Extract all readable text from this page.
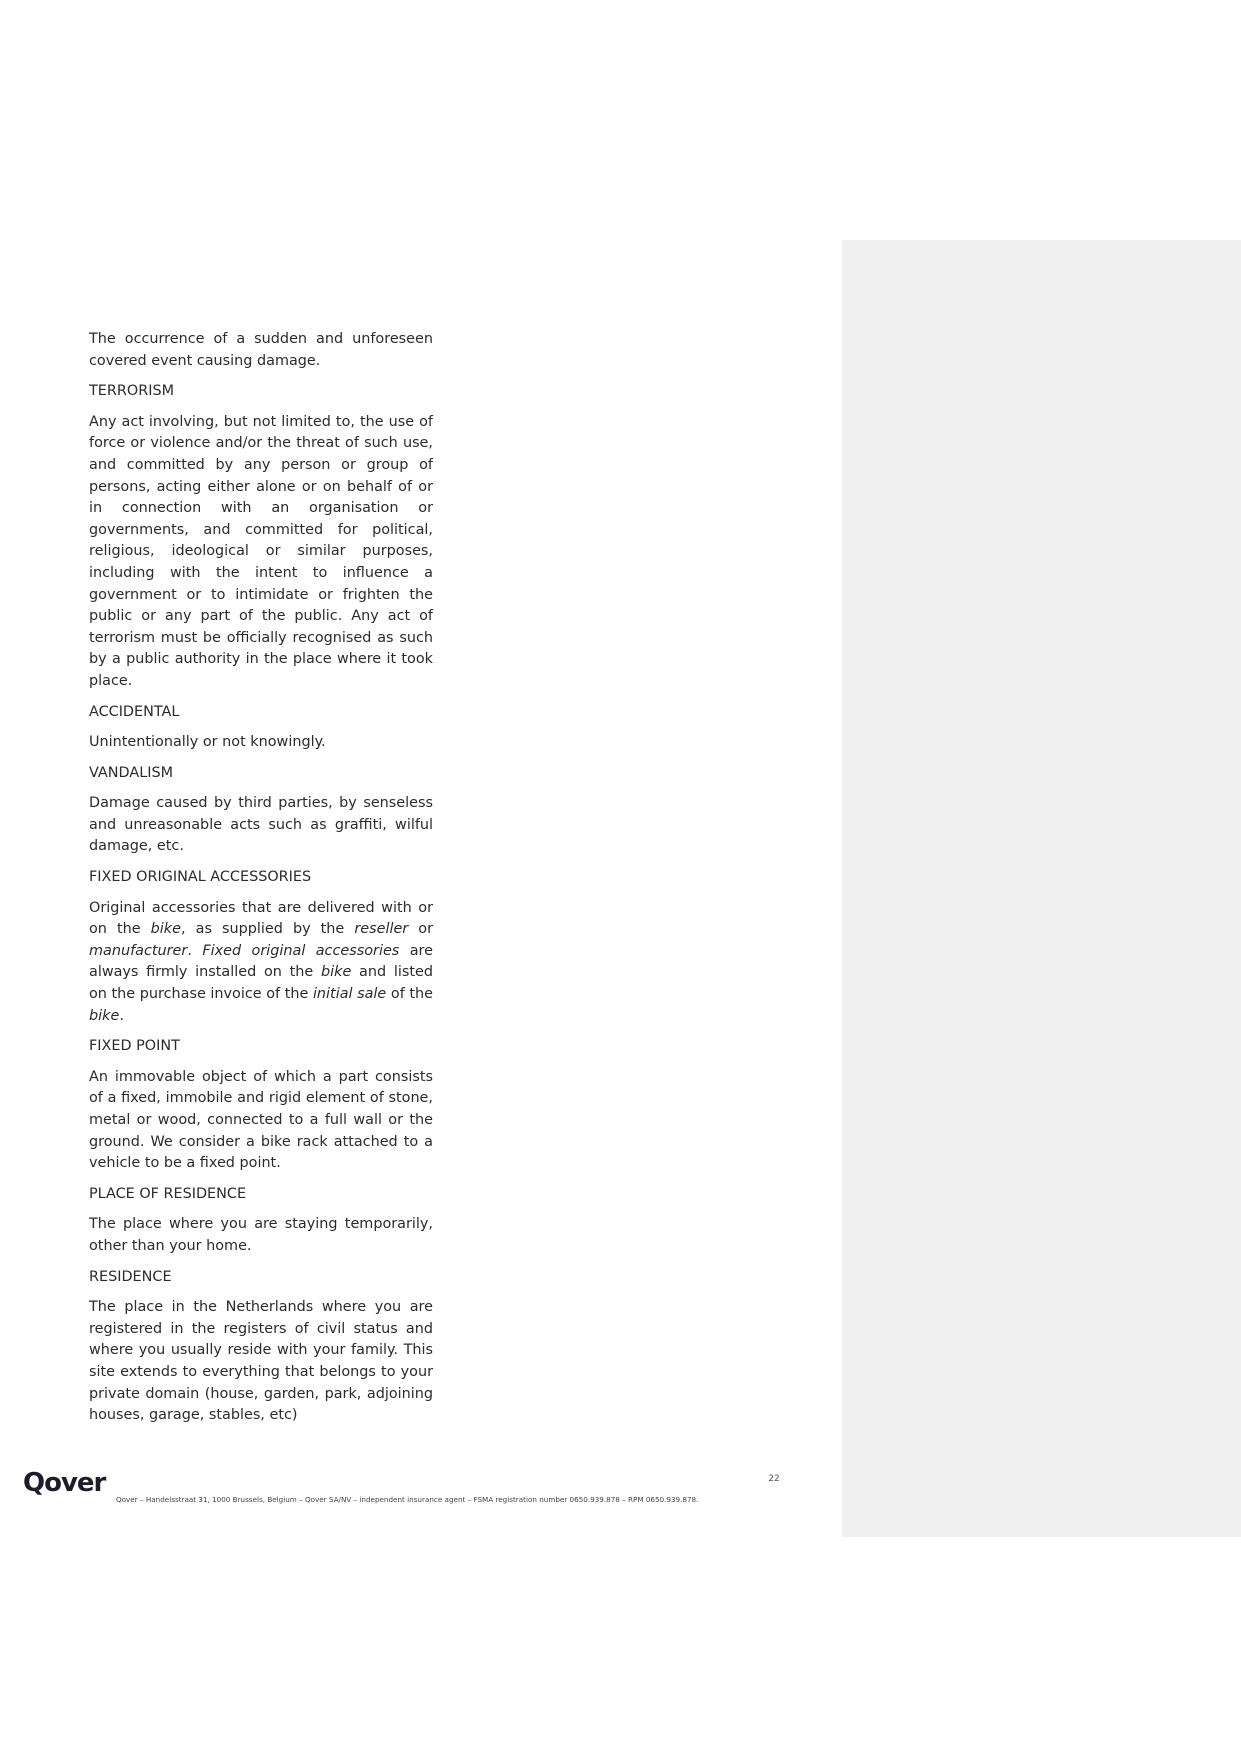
The occurrence of a sudden and unforeseen covered event causing damage.

TERRORISM

Any act involving, but not limited to, the use of force or violence and/or the threat of such use, and committed by any person or group of persons, acting either alone or on behalf of or in connection with an organisation or governments, and committed for political, religious, ideological or similar purposes, including with the intent to influence a government or to intimidate or frighten the public or any part of the public. Any act of terrorism must be officially recognised as such by a public authority in the place where it took place.

ACCIDENTAL

Unintentionally or not knowingly.

VANDALISM

Damage caused by third parties, by senseless and unreasonable acts such as graffiti, wilful damage, etc.

FIXED ORIGINAL ACCESSORIES

Original accessories that are delivered with or on the bike, as supplied by the reseller or manufacturer. Fixed original accessories are always firmly installed on the bike and listed on the purchase invoice of the initial sale of the bike.

FIXED POINT

An immovable object of which a part consists of a fixed, immobile and rigid element of stone, metal or wood, connected to a full wall or the ground. We consider a bike rack attached to a vehicle to be a fixed point.

PLACE OF RESIDENCE

The place where you are staying temporarily, other than your home.

RESIDENCE

The place in the Netherlands where you are registered in the registers of civil status and where you usually reside with your family. This site extends to everything that belongs to your private domain (house, garden, park, adjoining houses, garage, stables, etc)

22
Qover
Qover – Handelsstraat 31, 1000 Brussels, Belgium – Qover SA/NV – independent insurance agent – FSMA registration number 0650.939.878 – RPM 0650.939.878.
